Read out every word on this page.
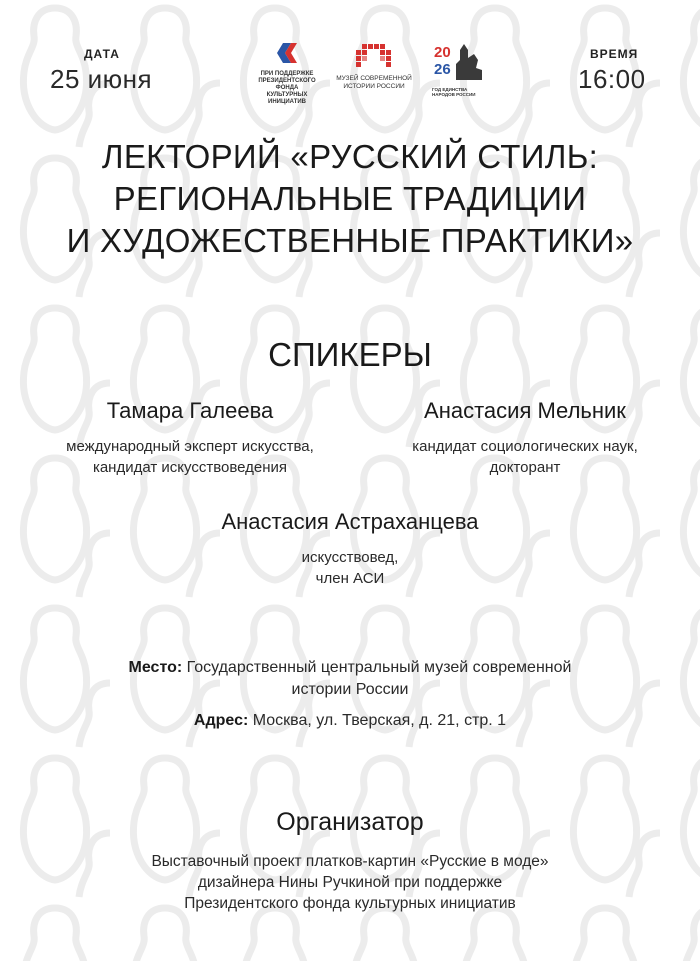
ДАТА
25 июня
ВРЕМЯ
16:00
ПРИ ПОДДЕРЖКЕ
ПРЕЗИДЕНТСКОГО ФОНДА
КУЛЬТУРНЫХ ИНИЦИАТИВ
МУЗЕЙ СОВРЕМЕННОЙ
ИСТОРИИ РОССИИ
20
26
ГОД ЕДИНСТВА
НАРОДОВ РОССИИ
ЛЕКТОРИЙ «РУССКИЙ СТИЛЬ:
РЕГИОНАЛЬНЫЕ ТРАДИЦИИ
И ХУДОЖЕСТВЕННЫЕ ПРАКТИКИ»
СПИКЕРЫ
Тамара Галеева
международный эксперт искусства,
кандидат искусствоведения
Анастасия Мельник
кандидат социологических наук,
докторант
Анастасия Астраханцева
искусствовед,
член АСИ
Место: Государственный центральный музей современной
истории России
Адрес: Москва, ул. Тверская, д. 21, стр. 1
Организатор
Выставочный проект платков-картин «Русские в моде»
дизайнера Нины Ручкиной при поддержке
Президентского фонда культурных инициатив
